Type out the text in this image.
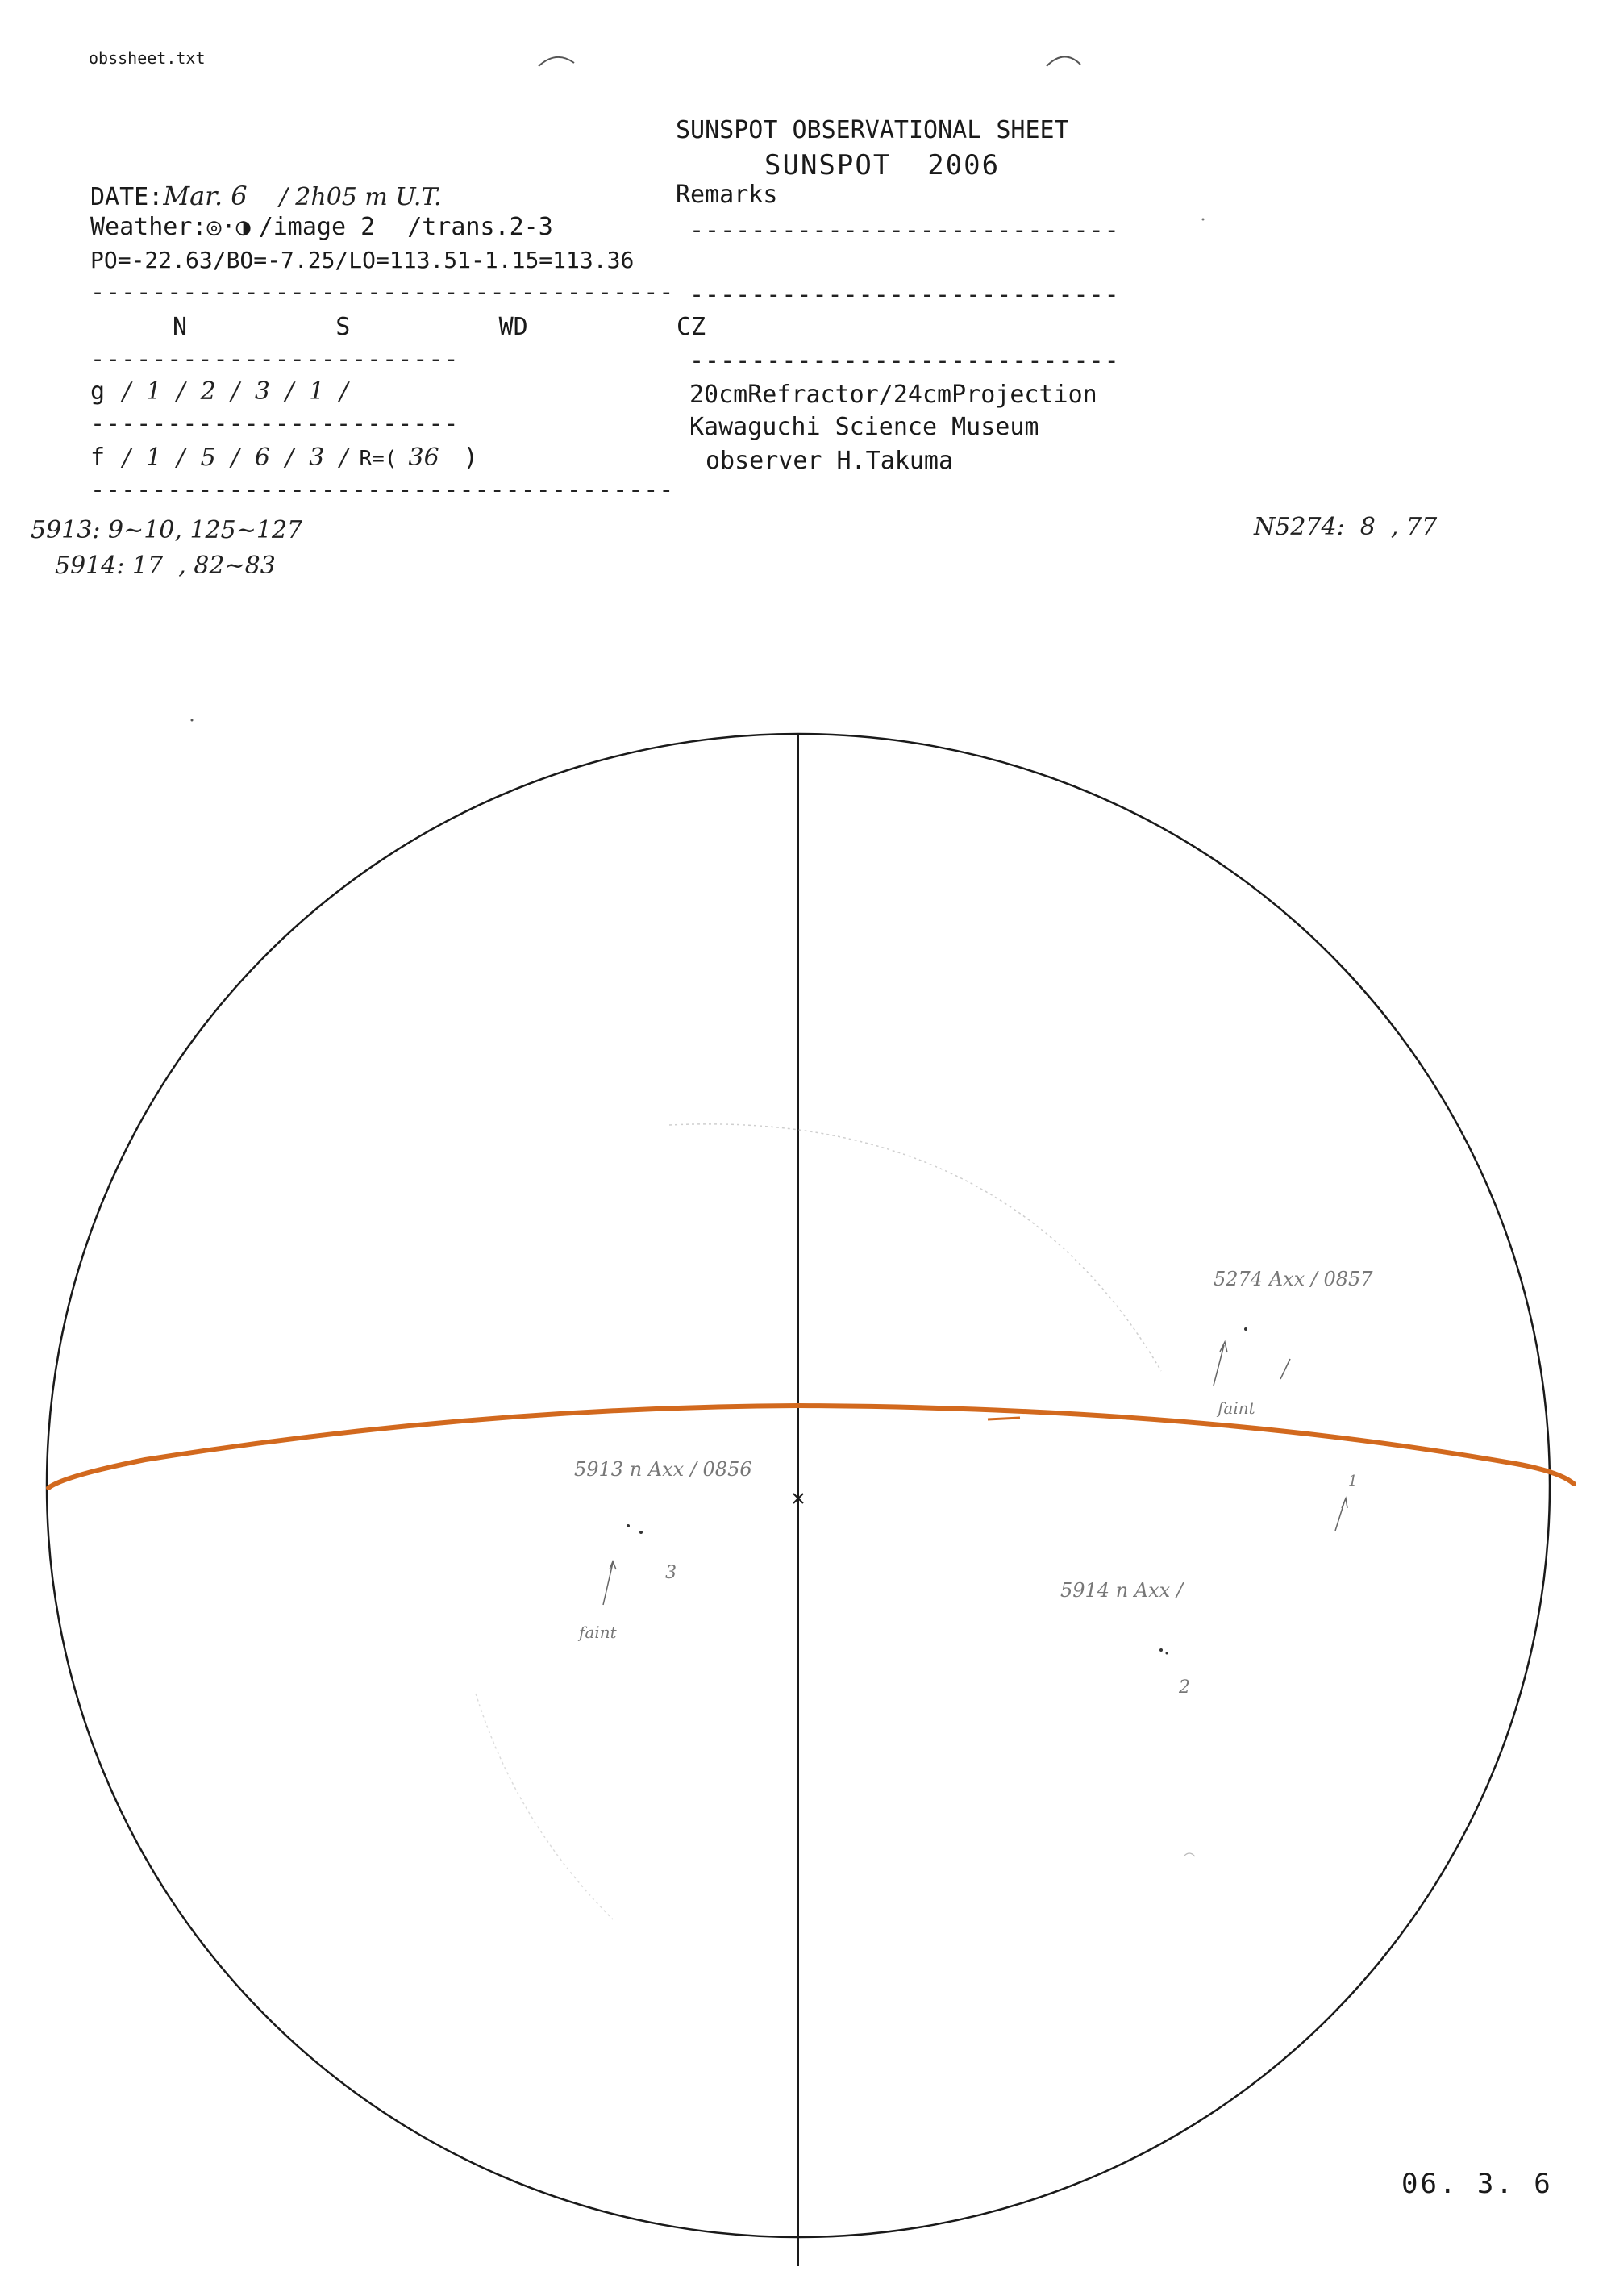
obssheet.txt
SUNSPOT OBSERVATIONAL SHEET
SUNSPOT  2006
DATE:Mar. 6 / 2h05 m U.T.
Weather:◎·◑ /image 2 /trans.2-3
PO=-22.63/BO=-7.25/LO=113.51-1.15=113.36
--------------------------------------
N    S    WD    CZ
------------------------
g /  1  /  2  /  3  /  1  /
------------------------
f /  1  /  5  /  6  /  3  / R=( 36 )
--------------------------------------
Remarks
----------------------------
----------------------------
----------------------------
20cmRefractor/24cmProjection
Kawaguchi Science Museum
observer H.Takuma
5913: 9~10, 125~127
5914: 17  , 82~83
N5274:  8  , 77
5913 n Axx / 0856
3
faint
5274 Axx / 0857
faint
1
5914 n Axx /
2
06. 3. 6
